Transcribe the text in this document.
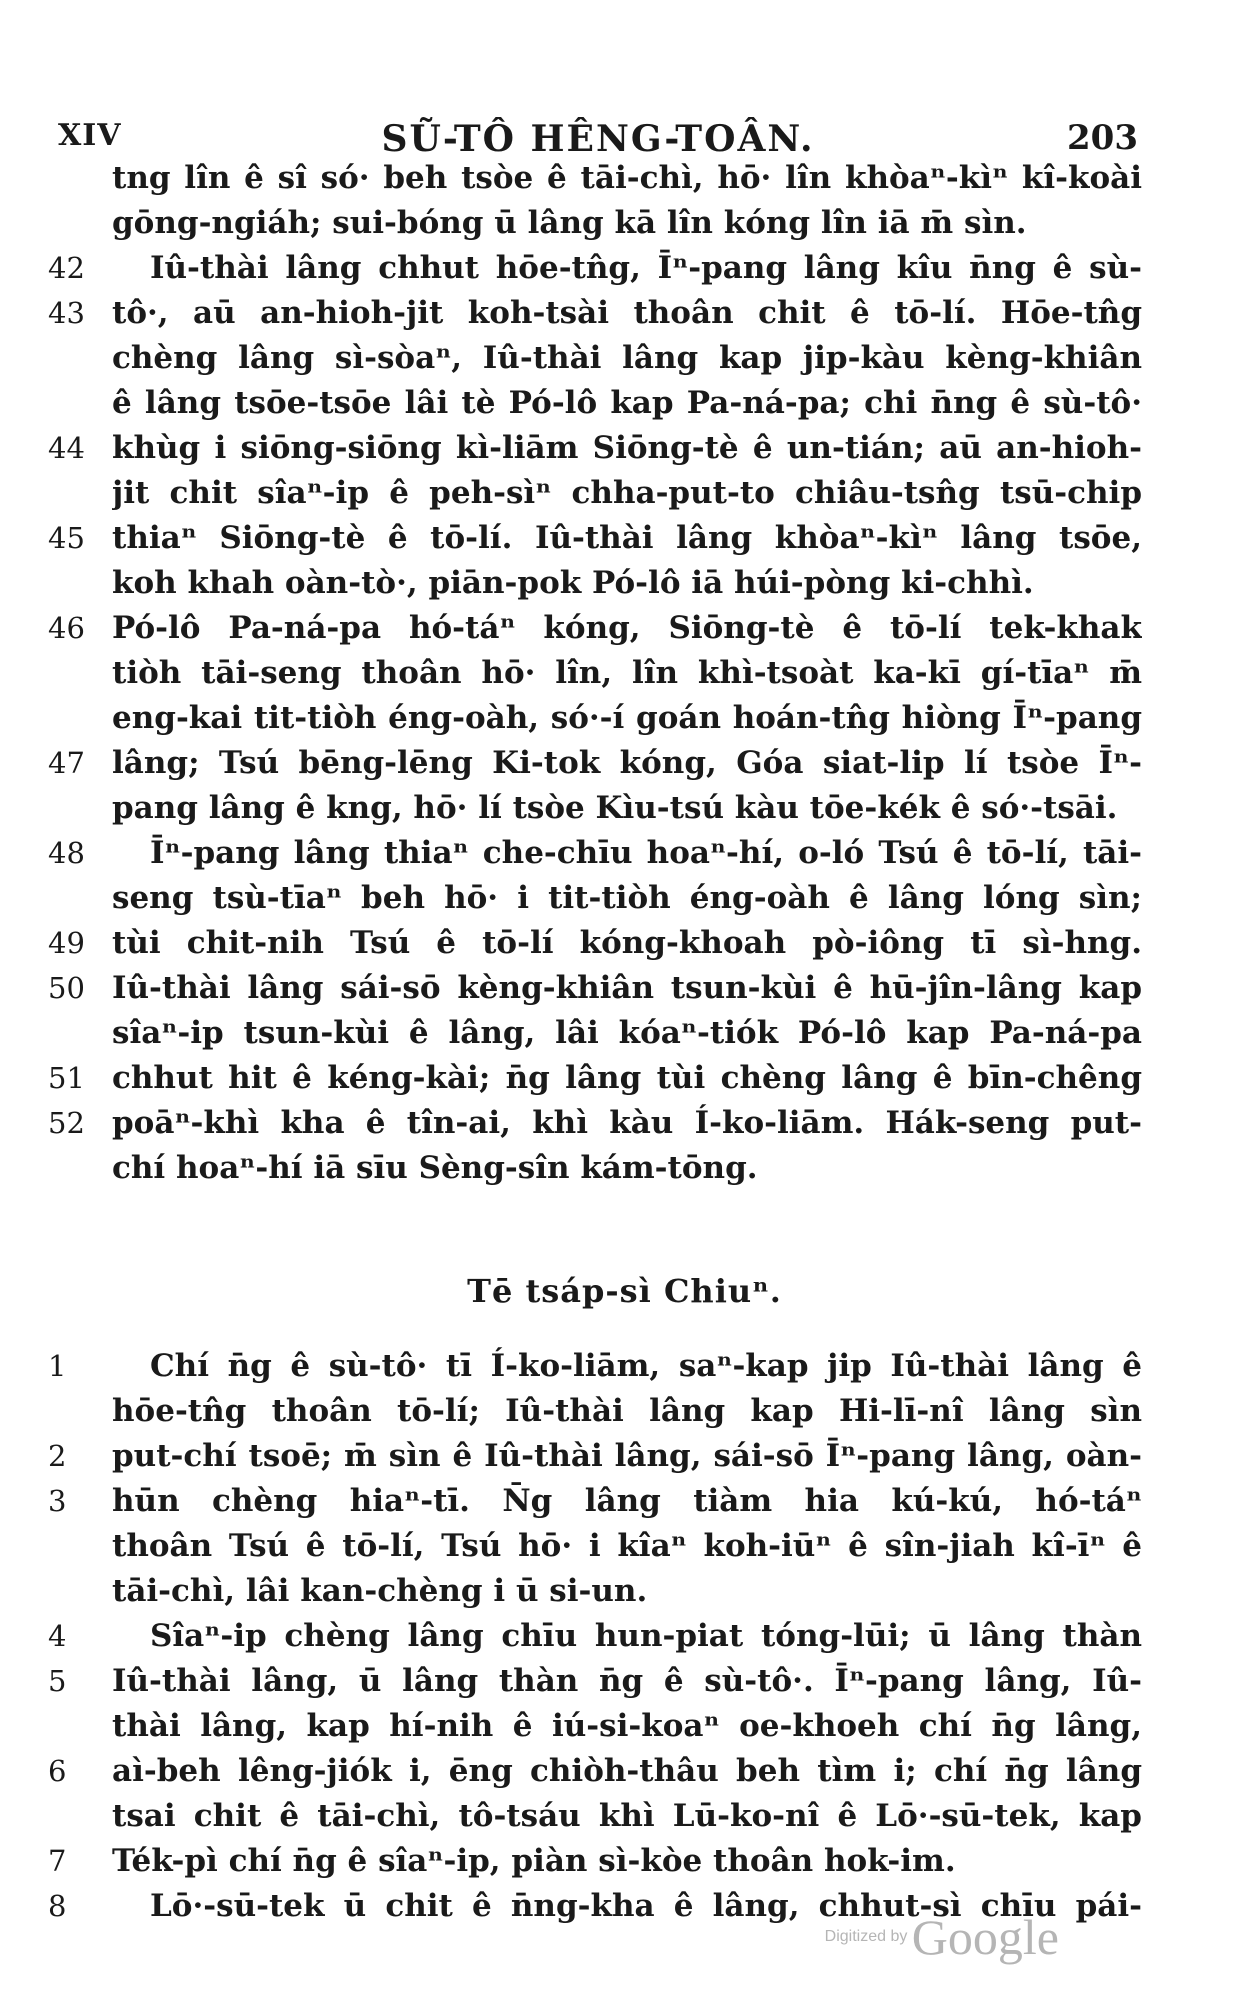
XIV	SŨ-TÔ HÊNG-TOÂN.	203
tng lîn ê sî só· beh tsòe ê tāi-chì, hō· lîn khòaⁿ-kìⁿ kî-koài
gōng-ngiáh; sui-bóng ū lâng kā lîn kóng lîn iā m̄ sìn.
42	Iû-thài lâng chhut hōe-tn̂g, Īⁿ-pang lâng kîu n̄ng ê sù-
43 tô·, aū an-hioh-jit koh-tsài thoân chit ê tō-lí. Hōe-tn̂g
chèng lâng sì-sòaⁿ, Iû-thài lâng kap jip-kàu kèng-khiân
ê lâng tsōe-tsōe lâi tè Pó-lô kap Pa-ná-pa; chi n̄ng ê sù-tô·
44 khùg i siōng-siōng kì-liām Siōng-tè ê un-tián; aū an-hioh-
jit chit sîaⁿ-ip ê peh-sìⁿ chha-put-to chiâu-tsn̂g tsū-chip
45 thiaⁿ Siōng-tè ê tō-lí. Iû-thài lâng khòaⁿ-kìⁿ lâng tsōe,
koh khah oàn-tò·, piān-pok Pó-lô iā húi-pòng ki-chhì.
46 Pó-lô Pa-ná-pa hó-táⁿ kóng, Siōng-tè ê tō-lí tek-khak
tiòh tāi-seng thoân hō· lîn, lîn khì-tsoàt ka-kī gí-tīaⁿ m̄
eng-kai tit-tiòh éng-oàh, só·-í goán hoán-tn̂g hiòng Īⁿ-pang
47 lâng; Tsú bēng-lēng Ki-tok kóng, Góa siat-lip lí tsòe Īⁿ-
pang lâng ê kng, hō· lí tsòe Kìu-tsú kàu tōe-kék ê só·-tsāi.
48	Īⁿ-pang lâng thiaⁿ che-chīu hoaⁿ-hí, o-ló Tsú ê tō-lí, tāi-
seng tsù-tīaⁿ beh hō· i tit-tiòh éng-oàh ê lâng lóng sìn;
49 tùi chit-nih Tsú ê tō-lí kóng-khoah pò-iông tī sì-hng.
50 Iû-thài lâng sái-sō kèng-khiân tsun-kùi ê hū-jîn-lâng kap
sîaⁿ-ip tsun-kùi ê lâng, lâi kóaⁿ-tiók Pó-lô kap Pa-ná-pa
51 chhut hit ê kéng-kài; n̄g lâng tùi chèng lâng ê bīn-chêng
52 poāⁿ-khì kha ê tîn-ai, khì kàu Í-ko-liām. Hák-seng put-
chí hoaⁿ-hí iā sīu Sèng-sîn kám-tōng.
Tē tsáp-sì Chiuⁿ.
1	Chí n̄g ê sù-tô· tī Í-ko-liām, saⁿ-kap jip Iû-thài lâng ê
hōe-tn̂g thoân tō-lí; Iû-thài lâng kap Hi-lī-nî lâng sìn
2	put-chí tsoē; m̄ sìn ê Iû-thài lâng, sái-sō Īⁿ-pang lâng, oàn-
3	hūn chèng hiaⁿ-tī. N̄g lâng tiàm hia kú-kú, hó-táⁿ
thoân Tsú ê tō-lí, Tsú hō· i kîaⁿ koh-iūⁿ ê sîn-jiah kî-īⁿ ê
tāi-chì, lâi kan-chèng i ū si-un.
4	Sîaⁿ-ip chèng lâng chīu hun-piat tóng-lūi; ū lâng thàn
5	Iû-thài lâng, ū lâng thàn n̄g ê sù-tô·. Īⁿ-pang lâng, Iû-
thài lâng, kap hí-nih ê iú-si-koaⁿ oe-khoeh chí n̄g lâng,
6	aì-beh lêng-jiók i, ēng chiòh-thâu beh tìm i; chí n̄g lâng
tsai chit ê tāi-chì, tô-tsáu khì Lū-ko-nî ê Lō·-sū-tek, kap
7	Ték-pì chí n̄g ê sîaⁿ-ip, piàn sì-kòe thoân hok-im.
8	Lō·-sū-tek ū chit ê n̄ng-kha ê lâng, chhut-sì chīu pái-
Digitized by Google
